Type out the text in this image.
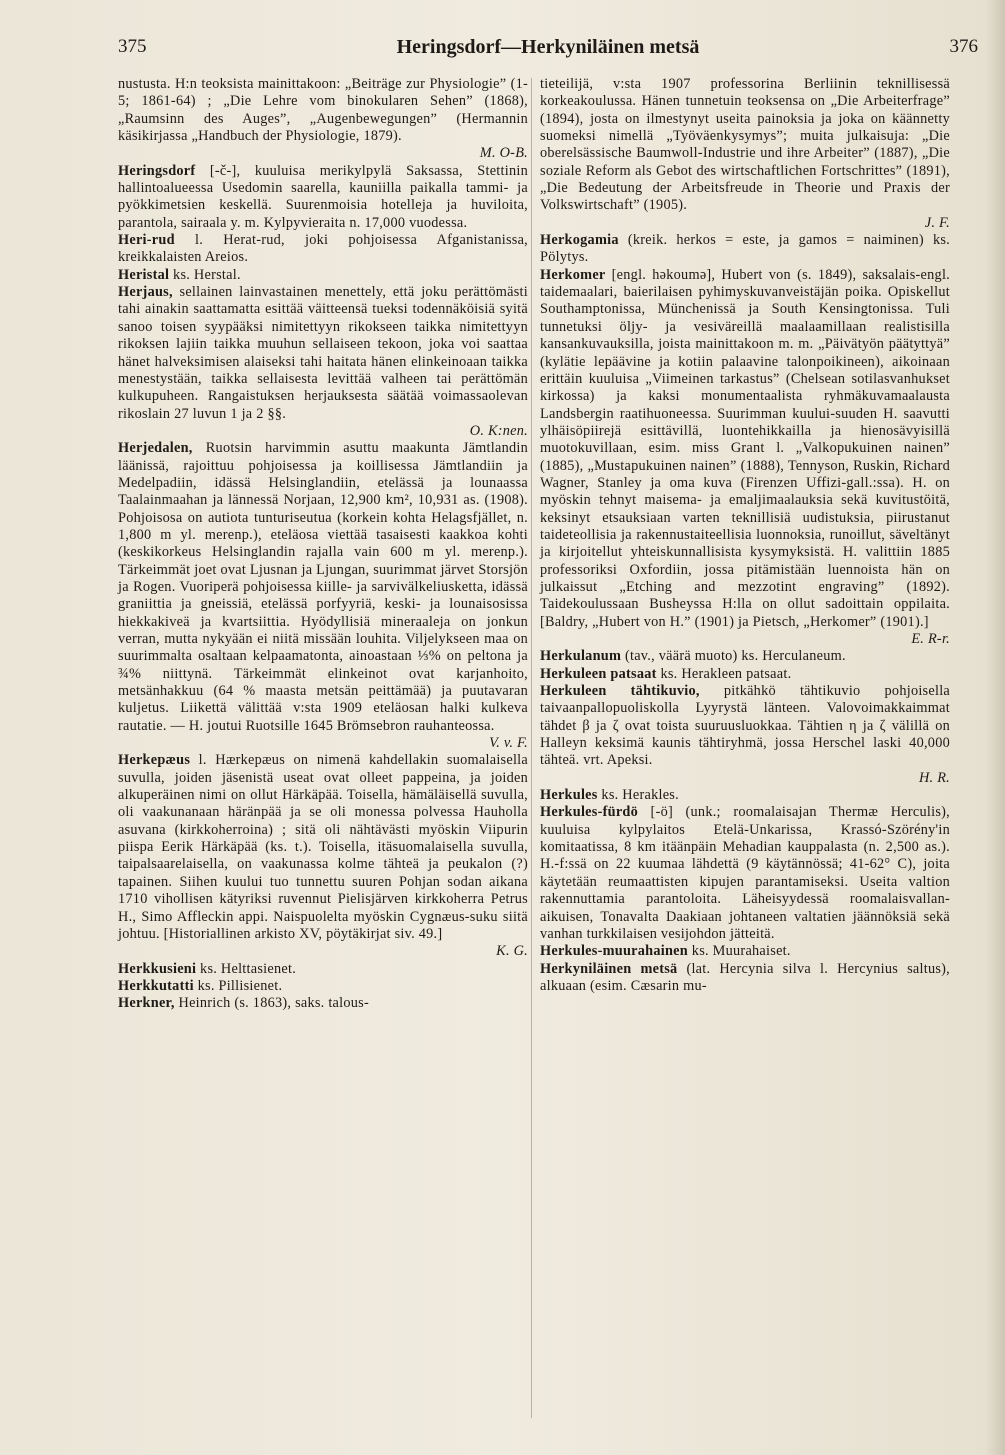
375	Heringsdorf—Herkyniläinen metsä	376

nustusta. H:n teoksista mainittakoon: „Beiträge zur Physiologie” (1-5; 1861-64) ; „Die Lehre vom binokularen Sehen” (1868), „Raumsinn des Auges”, „Augenbewegungen” (Hermannin käsikirjassa „Handbuch der Physiologie, 1879).

M. O-B.

Heringsdorf [-č-], kuuluisa merikylpylä Saksassa, Stettinin hallintoalueessa Usedomin saarella, kauniilla paikalla tammi- ja pyökkimetsien keskellä. Suurenmoisia hotelleja ja huviloita, parantola, sairaala y. m. Kylpyvieraita n. 17,000 vuodessa.

Heri-rud l. Herat-rud, joki pohjoisessa Afganistanissa, kreikkalaisten Areios.

Heristal ks. Herstal.

Herjaus, sellainen lainvastainen menettely, että joku perättömästi tahi ainakin saattamatta esittää väitteensä tueksi todennäköisiä syitä sanoo toisen syypääksi nimitettyyn rikokseen taikka nimitettyyn rikoksen lajiin taikka muuhun sellaiseen tekoon, joka voi saattaa hänet halveksimisen alaiseksi tahi haitata hänen elinkeinoaan taikka menestystään, taikka sellaisesta levittää valheen tai perättömän kulkupuheen. Rangaistuksen herjauksesta säätää voimassaolevan rikoslain 27 luvun 1 ja 2 §§.

O. K:nen.

Herjedalen, Ruotsin harvimmin asuttu maakunta Jämtlandin läänissä, rajoittuu pohjoisessa ja koillisessa Jämtlandiin ja Medelpadiin, idässä Helsinglandiin, etelässä ja lounaassa Taalainmaahan ja lännessä Norjaan, 12,900 km², 10,931 as. (1908). Pohjoisosa on autiota tunturiseutua (korkein kohta Helagsfjället, n. 1,800 m yl. merenp.), eteläosa viettää tasaisesti kaakkoa kohti (keskikorkeus Helsinglandin rajalla vain 600 m yl. merenp.). Tärkeimmät joet ovat Ljusnan ja Ljungan, suurimmat järvet Storsjön ja Rogen. Vuoriperä pohjoisessa kiille- ja sarvivälkeliusketta, idässä graniittia ja gneissiä, etelässä porfyyriä, keski- ja lounaisosissa hiekkakiveä ja kvartsiittia. Hyödyllisiä mineraaleja on jonkun verran, mutta nykyään ei niitä missään louhita. Viljelykseen maa on suurimmalta osaltaan kelpaamatonta, ainoastaan ⅓% on peltona ja ¾% niittynä. Tärkeimmät elinkeinot ovat karjanhoito, metsänhakkuu (64 % maasta metsän peittämää) ja puutavaran kuljetus. Liikettä välittää v:sta 1909 eteläosan halki kulkeva rautatie. — H. joutui Ruotsille 1645 Brömsebron rauhanteossa.

V. v. F.

Herkepæus l. Hærkepæus on nimenä kahdellakin suomalaisella suvulla, joiden jäsenistä useat ovat olleet pappeina, ja joiden alkuperäinen nimi on ollut Härkäpää. Toisella, hämäläisellä suvulla, oli vaakunanaan häränpää ja se oli monessa polvessa Hauholla asuvana (kirkkoherroina) ; sitä oli nähtävästi myöskin Viipurin piispa Eerik Härkäpää (ks. t.). Toisella, itäsuomalaisella suvulla, taipalsaarelaisella, on vaakunassa kolme tähteä ja peukalon (?) tapainen. Siihen kuului tuo tunnettu suuren Pohjan sodan aikana 1710 vihollisen kätyriksi ruvennut Pielisjärven kirkkoherra Petrus H., Simo Affleckin appi. Naispuolelta myöskin Cygnæus-suku siitä johtuu. [Historiallinen arkisto XV, pöytäkirjat siv. 49.]

K. G.

Herkkusieni ks. Helttasienet.

Herkkutatti ks. Pillisienet.

Herkner, Heinrich (s. 1863), saks. talous-

tieteilijä, v:sta 1907 professorina Berliinin teknillisessä korkeakoulussa. Hänen tunnetuin teoksensa on „Die Arbeiterfrage” (1894), josta on ilmestynyt useita painoksia ja joka on käännetty suomeksi nimellä „Työväenkysymys”; muita julkaisuja: „Die oberelsässische Baumwoll-Industrie und ihre Arbeiter” (1887), „Die soziale Reform als Gebot des wirtschaftlichen Fortschrittes” (1891), „Die Bedeutung der Arbeitsfreude in Theorie und Praxis der Volkswirtschaft” (1905).

J. F.

Herkogamia (kreik. herkos = este, ja gamos = naiminen) ks. Pölytys.

Herkomer [engl. hǝkoumǝ], Hubert von (s. 1849), saksalais-engl. taidemaalari, baierilaisen pyhimyskuvanveistäjän poika. Opiskellut Southamptonissa, Münchenissä ja South Kensingtonissa. Tuli tunnetuksi öljy- ja vesiväreillä maalaamillaan realistisilla kansankuvauksilla, joista mainittakoon m. m. „Päivätyön päätyttyä” (kylätie lepäävine ja kotiin palaavine talonpoikineen), aikoinaan erittäin kuuluisa „Viimeinen tarkastus” (Chelsean sotilasvanhukset kirkossa) ja kaksi monumentaalista ryhmäkuvamaalausta Landsbergin raatihuoneessa. Suurimman kuului-suuden H. saavutti ylhäisöpiirejä esittävillä, luontehikkailla ja hienosävyisillä muotokuvillaan, esim. miss Grant l. „Valkopukuinen nainen” (1885), „Mustapukuinen nainen” (1888), Tennyson, Ruskin, Richard Wagner, Stanley ja oma kuva (Firenzen Uffizi-gall.:ssa). H. on myöskin tehnyt maisema- ja emaljimaalauksia sekä kuvitustöitä, keksinyt etsauksiaan varten teknillisiä uudistuksia, piirustanut taideteollisia ja rakennustaiteellisia luonnoksia, runoillut, säveltänyt ja kirjoitellut yhteiskunnallisista kysymyksistä. H. valittiin 1885 professoriksi Oxfordiin, jossa pitämistään luennoista hän on julkaissut „Etching and mezzotint engraving” (1892). Taidekoulussaan Busheyssa H:lla on ollut sadoittain oppilaita. [Baldry, „Hubert von H.” (1901) ja Pietsch, „Herkomer” (1901).]

E. R-r.

Herkulanum (tav., väärä muoto) ks. Herculaneum.

Herkuleen patsaat ks. Herakleen patsaat.

Herkuleen tähtikuvio, pitkähkö tähtikuvio pohjoisella taivaanpallopuoliskolla Lyyrystä länteen. Valovoimakkaimmat tähdet β ja ζ ovat toista suuruusluokkaa. Tähtien η ja ζ välillä on Halleyn keksimä kaunis tähtiryhmä, jossa Herschel laski 40,000 tähteä. vrt. Apeksi.

H. R.

Herkules ks. Herakles.

Herkules-fürdö [-ö] (unk.; roomalaisajan Thermæ Herculis), kuuluisa kylpylaitos Etelä-Unkarissa, Krassó-Szörény'in komitaatissa, 8 km itäänpäin Mehadian kauppalasta (n. 2,500 as.). H.-f:ssä on 22 kuumaa lähdettä (9 käytännössä; 41-62° C), joita käytetään reumaattisten kipujen parantamiseksi. Useita valtion rakennuttamia parantoloita. Läheisyydessä roomalaisvallan-aikuisen, Tonavalta Daakiaan johtaneen valtatien jäännöksiä sekä vanhan turkkilaisen vesijohdon jätteitä.

Herkules-muurahainen ks. Muurahaiset.

Herkyniläinen metsä (lat. Hercynia silva l. Hercynius saltus), alkuaan (esim. Cæsarin mu-
